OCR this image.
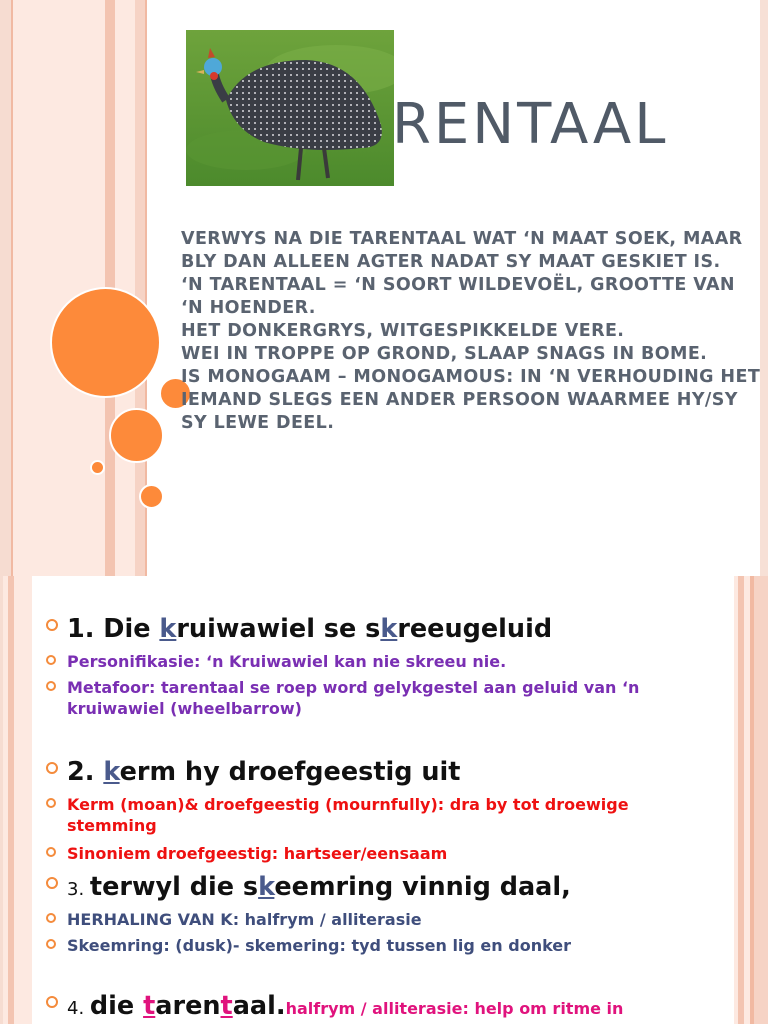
RENTAAL

VERWYS NA DIE TARENTAAL WAT ‘N MAAT SOEK, MAAR BLY DAN ALLEEN AGTER NADAT SY MAAT GESKIET IS.

‘N TARENTAAL = ‘N SOORT WILDEVOËL, GROOTTE VAN ‘N HOENDER.

HET DONKERGRYS, WITGESPIKKELDE VERE.

WEI IN TROPPE OP GROND, SLAAP SNAGS IN BOME.

IS MONOGAAM – MONOGAMOUS: IN ‘N VERHOUDING HET IEMAND SLEGS EEN ANDER PERSOON WAARMEE HY/SY SY LEWE DEEL.

1. Die kruiwawiel se skreeugeluid
Personifikasie: ‘n Kruiwawiel kan nie skreeu nie.
Metafoor: tarentaal se roep word gelykgestel aan geluid van ‘n
kruiwawiel (wheelbarrow)
2. kerm hy droefgeestig uit
Kerm (moan)& droefgeestig (mournfully): dra by tot droewige
stemming
Sinoniem droefgeestig: hartseer/eensaam
3. terwyl die skeemring vinnig daal,
HERHALING VAN K: halfrym / alliterasie
Skeemring: (dusk)- skemering: tyd tussen lig en donker
4. die tarentaal.halfrym / alliterasie: help om ritme in
